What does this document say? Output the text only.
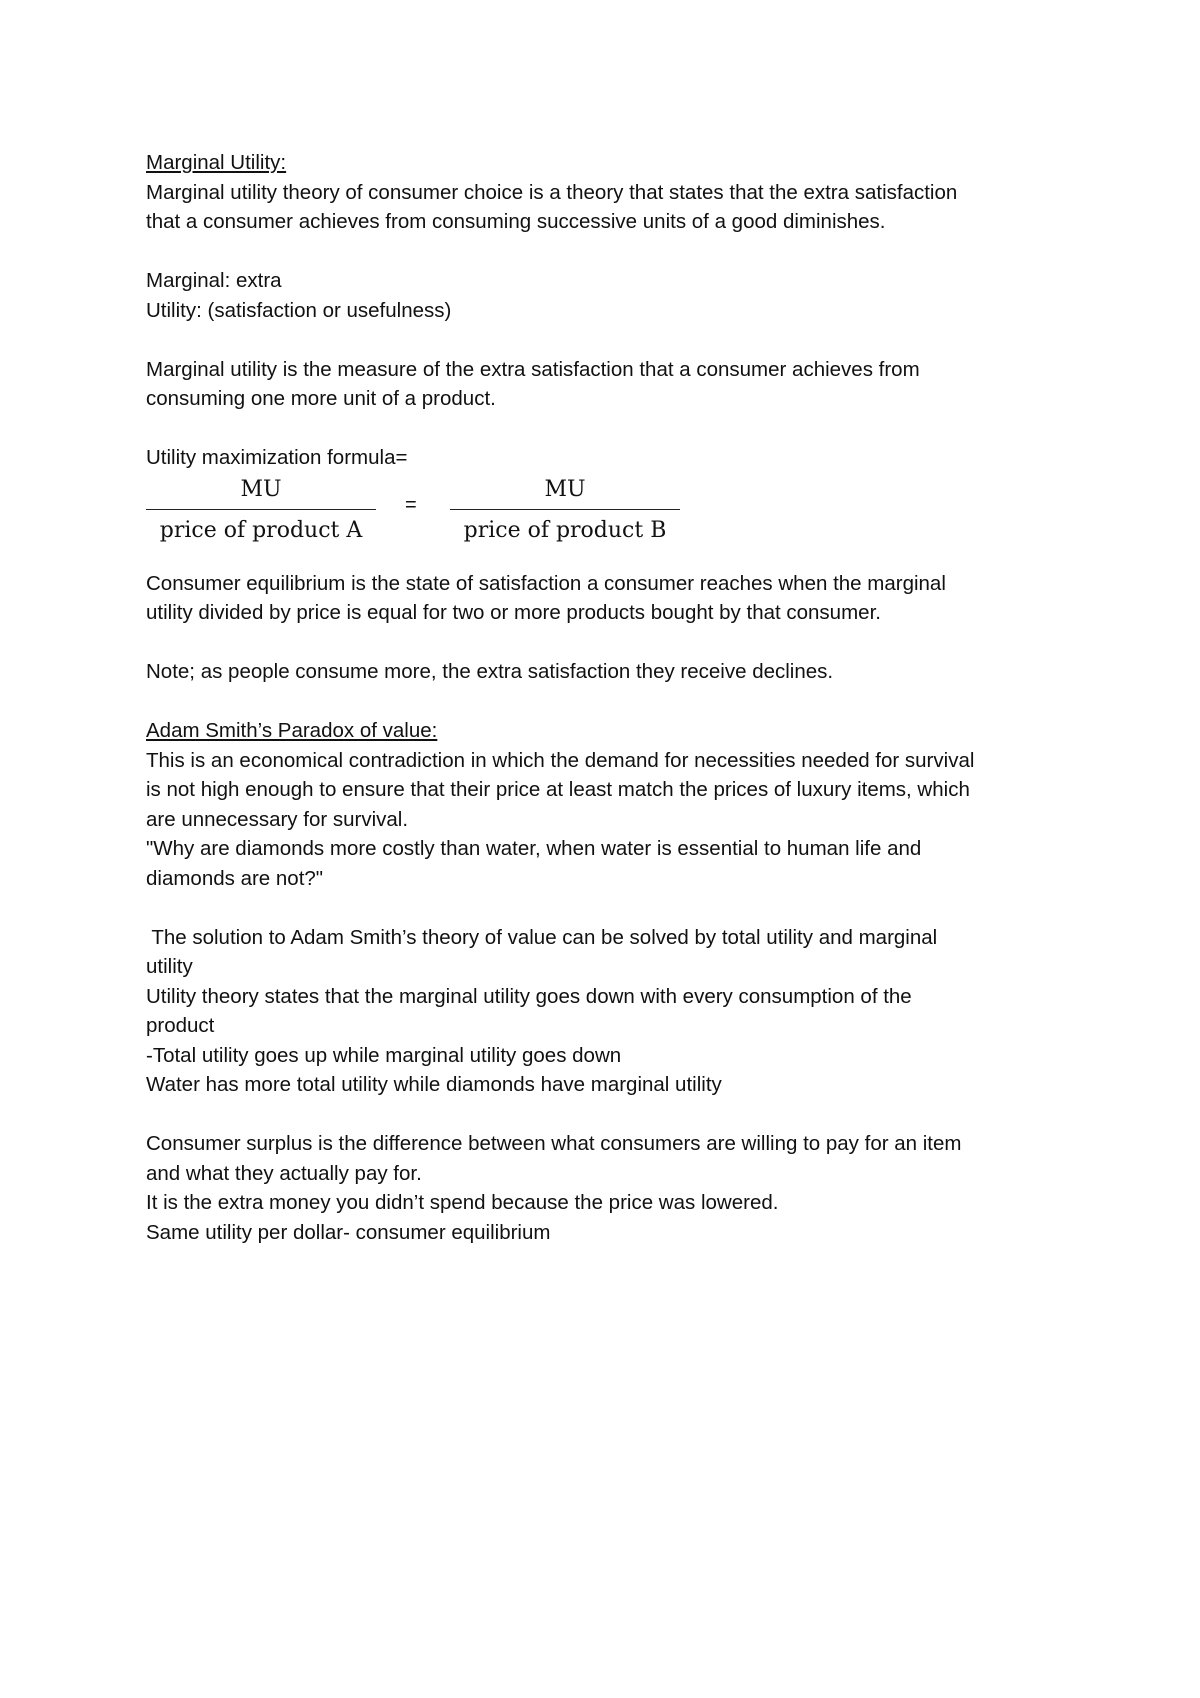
Marginal Utility:

Marginal utility theory of consumer choice is a theory that states that the extra satisfaction

that a consumer achieves from consuming successive units of a good diminishes.

Marginal: extra

Utility: (satisfaction or usefulness)

Marginal utility is the measure of the extra satisfaction that a consumer achieves from

consuming one more unit of a product.

Utility maximization formula=

MU
price of product A
=
MU
price of product B

Consumer equilibrium is the state of satisfaction a consumer reaches when the marginal

utility divided by price is equal for two or more products bought by that consumer.

Note; as people consume more, the extra satisfaction they receive declines.

Adam Smith’s Paradox of value:

This is an economical contradiction in which the demand for necessities needed for survival

is not high enough to ensure that their price at least match the prices of luxury items, which

are unnecessary for survival.

"Why are diamonds more costly than water, when water is essential to human life and

diamonds are not?"

The solution to Adam Smith’s theory of value can be solved by total utility and marginal

utility

Utility theory states that the marginal utility goes down with every consumption of the

product

-Total utility goes up while marginal utility goes down

Water has more total utility while diamonds have marginal utility

Consumer surplus is the difference between what consumers are willing to pay for an item

and what they actually pay for.

It is the extra money you didn’t spend because the price was lowered.

Same utility per dollar- consumer equilibrium
